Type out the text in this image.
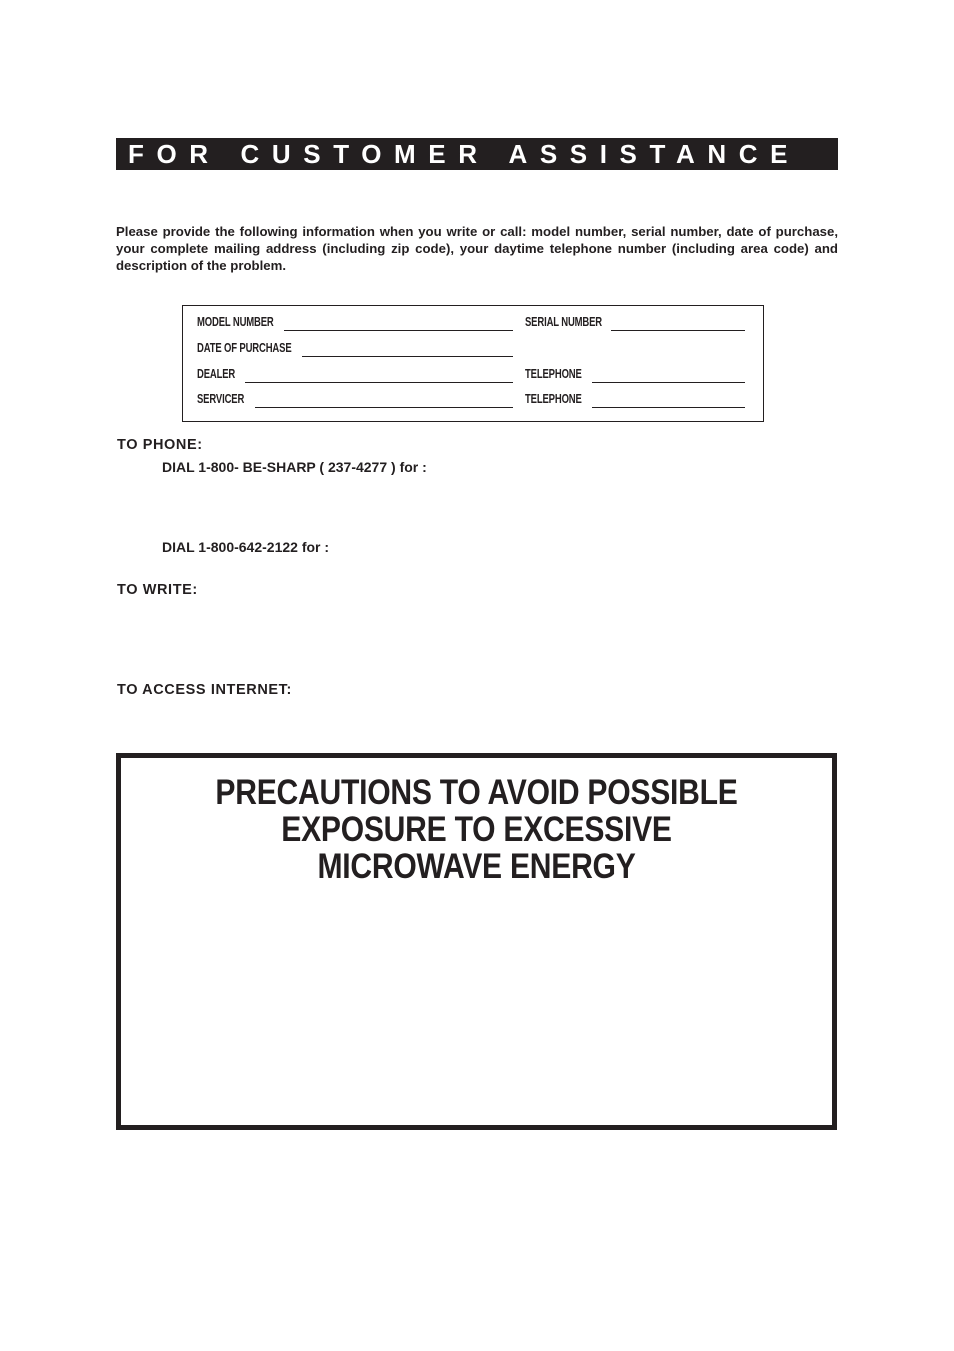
FOR CUSTOMER ASSISTANCE
Please provide the following information when you write or call: model number, serial number, date of purchase, your complete mailing address (including zip code), your daytime telephone number (including area code) and description of the problem.
MODEL NUMBER	SERIAL NUMBER
DATE OF PURCHASE
DEALER	TELEPHONE
SERVICER	TELEPHONE
TO PHONE:
DIAL 1-800- BE-SHARP ( 237-4277 ) for :
DIAL 1-800-642-2122 for :
TO WRITE:
TO ACCESS INTERNET:
PRECAUTIONS TO AVOID POSSIBLE
EXPOSURE TO EXCESSIVE
MICROWAVE ENERGY
